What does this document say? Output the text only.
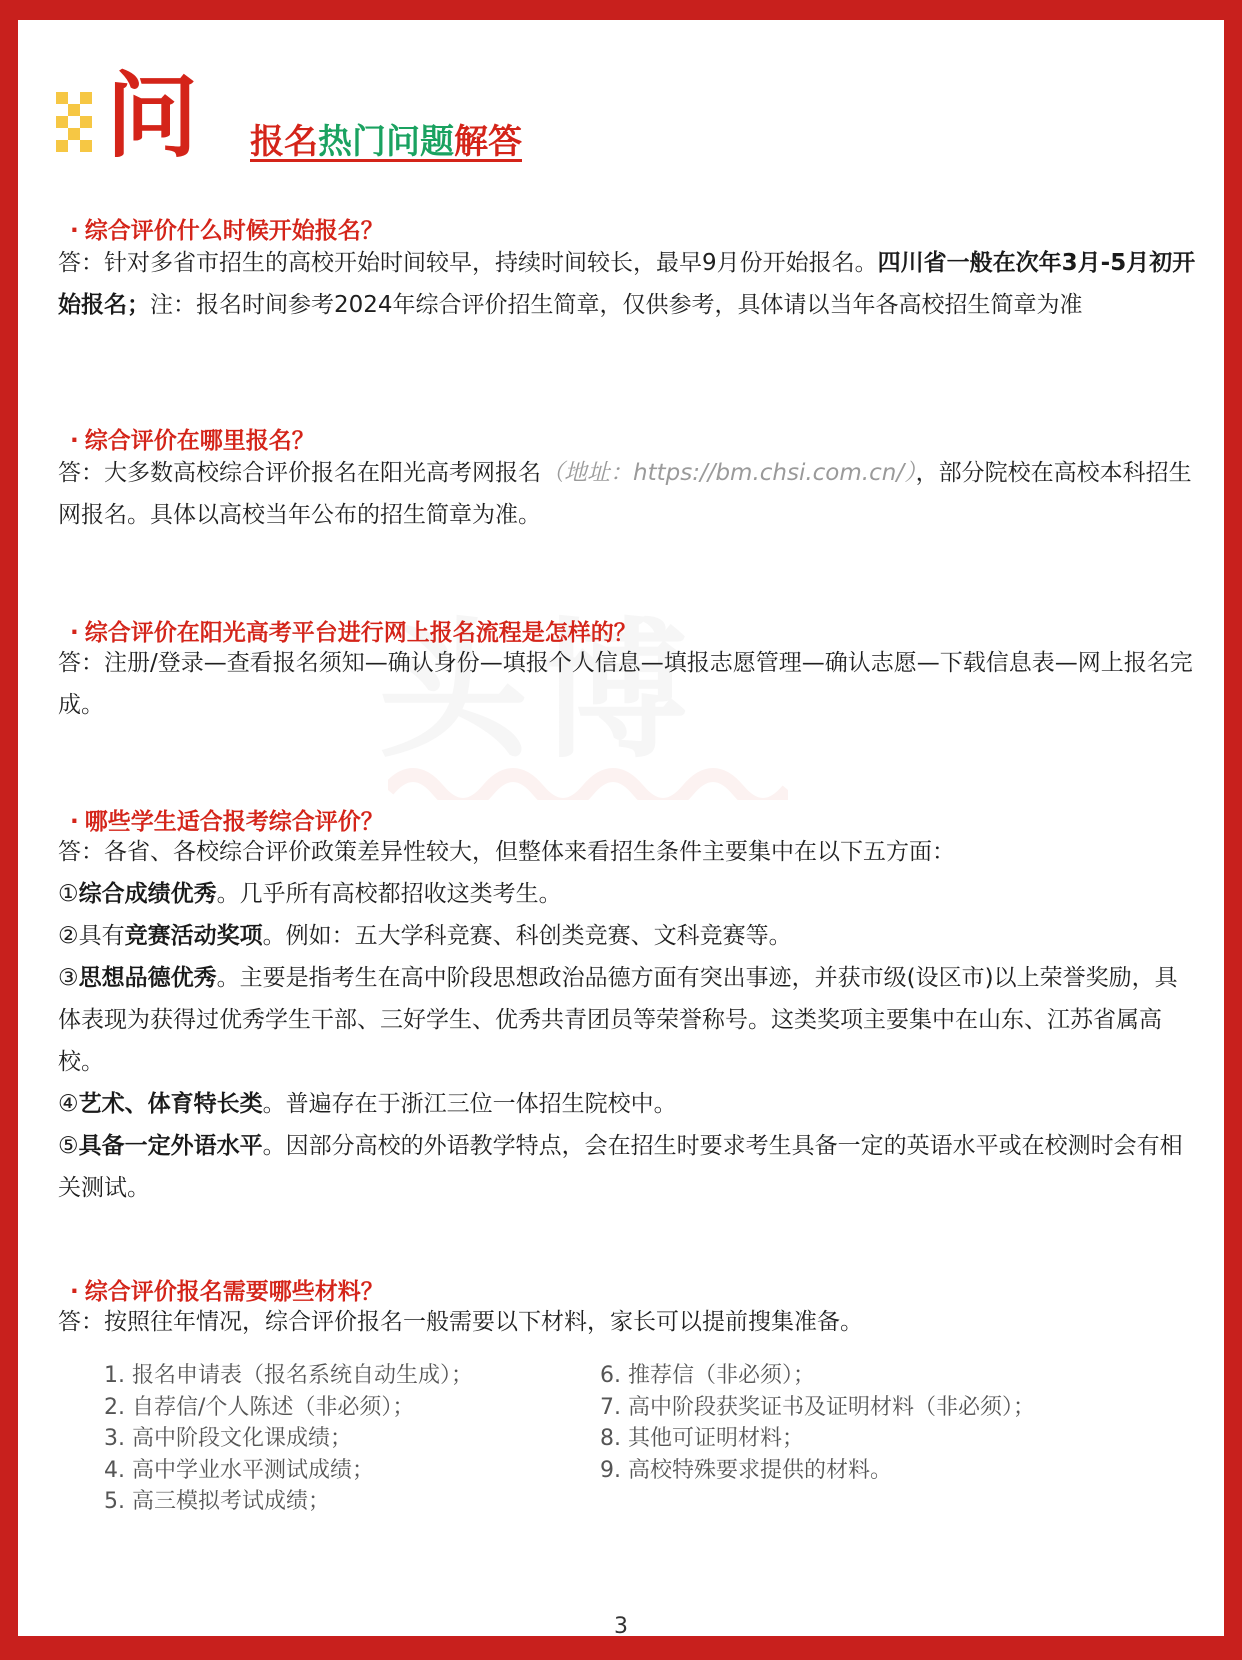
问 报名热门问题解答
· 综合评价什么时候开始报名？
答：针对多省市招生的高校开始时间较早，持续时间较长，最早9月份开始报名。四川省一般在次年3月-5月初开始报名；注：报名时间参考2024年综合评价招生简章，仅供参考，具体请以当年各高校招生简章为准
· 综合评价在哪里报名？
答：大多数高校综合评价报名在阳光高考网报名（地址：https://bm.chsi.com.cn/），部分院校在高校本科招生网报名。具体以高校当年公布的招生简章为准。
· 综合评价在阳光高考平台进行网上报名流程是怎样的？
答：注册/登录—查看报名须知—确认身份—填报个人信息—填报志愿管理—确认志愿—下载信息表—网上报名完成。
· 哪些学生适合报考综合评价？
答：各省、各校综合评价政策差异性较大，但整体来看招生条件主要集中在以下五方面：
①综合成绩优秀。几乎所有高校都招收这类考生。
②具有竞赛活动奖项。例如：五大学科竞赛、科创类竞赛、文科竞赛等。
③思想品德优秀。主要是指考生在高中阶段思想政治品德方面有突出事迹，并获市级(设区市)以上荣誉奖励，具体表现为获得过优秀学生干部、三好学生、优秀共青团员等荣誉称号。这类奖项主要集中在山东、江苏省属高校。
④艺术、体育特长类。普遍存在于浙江三位一体招生院校中。
⑤具备一定外语水平。因部分高校的外语教学特点，会在招生时要求考生具备一定的英语水平或在校测时会有相关测试。
· 综合评价报名需要哪些材料？
答：按照往年情况，综合评价报名一般需要以下材料，家长可以提前搜集准备。
1. 报名申请表（报名系统自动生成）；
2. 自荐信/个人陈述（非必须）；
3. 高中阶段文化课成绩；
4. 高中学业水平测试成绩；
5. 高三模拟考试成绩；
6. 推荐信（非必须）；
7. 高中阶段获奖证书及证明材料（非必须）；
8. 其他可证明材料；
9. 高校特殊要求提供的材料。
3
